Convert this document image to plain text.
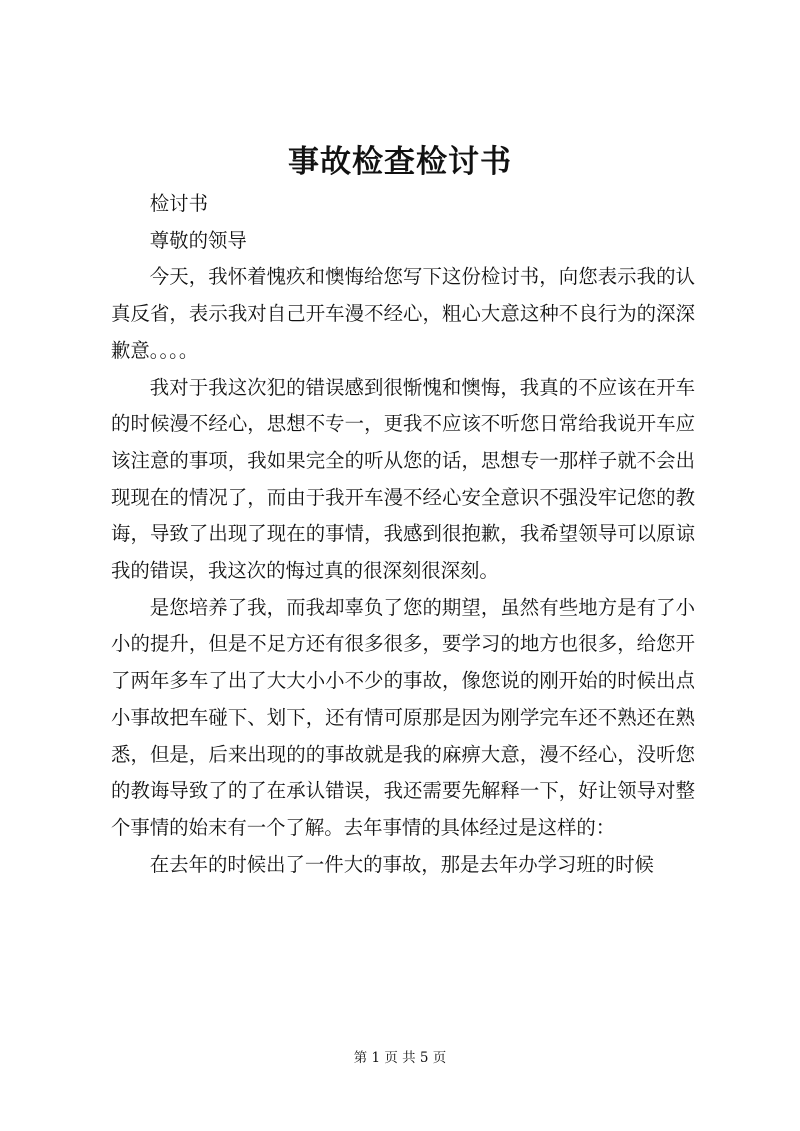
事故检查检讨书

检讨书

尊敬的领导

今天，我怀着愧疚和懊悔给您写下这份检讨书，向您表示我的认真反省，表示我对自己开车漫不经心，粗心大意这种不良行为的深深歉意。。。。

我对于我这次犯的错误感到很惭愧和懊悔，我真的不应该在开车的时候漫不经心，思想不专一，更我不应该不听您日常给我说开车应该注意的事项，我如果完全的听从您的话，思想专一那样子就不会出现现在的情况了，而由于我开车漫不经心安全意识不强没牢记您的教诲，导致了出现了现在的事情，我感到很抱歉，我希望领导可以原谅我的错误，我这次的悔过真的很深刻很深刻。

是您培养了我，而我却辜负了您的期望，虽然有些地方是有了小小的提升，但是不足方还有很多很多，要学习的地方也很多，给您开了两年多车了出了大大小小不少的事故，像您说的刚开始的时候出点小事故把车碰下、划下，还有情可原那是因为刚学完车还不熟还在熟悉，但是，后来出现的的事故就是我的麻痹大意，漫不经心，没听您的教诲导致了的了在承认错误，我还需要先解释一下，好让领导对整个事情的始末有一个了解。去年事情的具体经过是这样的：

在去年的时候出了一件大的事故，那是去年办学习班的时候

第 1 页 共 5 页
